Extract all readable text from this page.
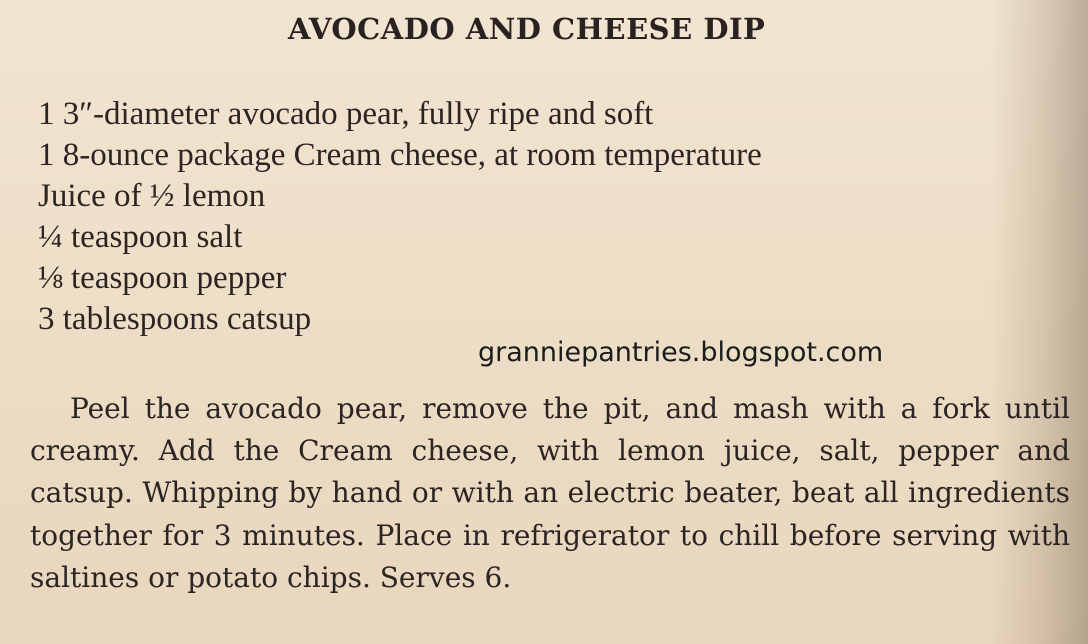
AVOCADO AND CHEESE DIP
1 3″-diameter avocado pear, fully ripe and soft
1 8-ounce package Cream cheese, at room temperature
Juice of ½ lemon
¼ teaspoon salt
⅛ teaspoon pepper
3 tablespoons catsup
granniepantries.blogspot.com

Peel the avocado pear, remove the pit, and mash with a fork until creamy. Add the Cream cheese, with lemon juice, salt, pepper and catsup. Whipping by hand or with an electric beater, beat all ingredients together for 3 minutes. Place in refrigerator to chill before serving with saltines or potato chips. Serves 6.
